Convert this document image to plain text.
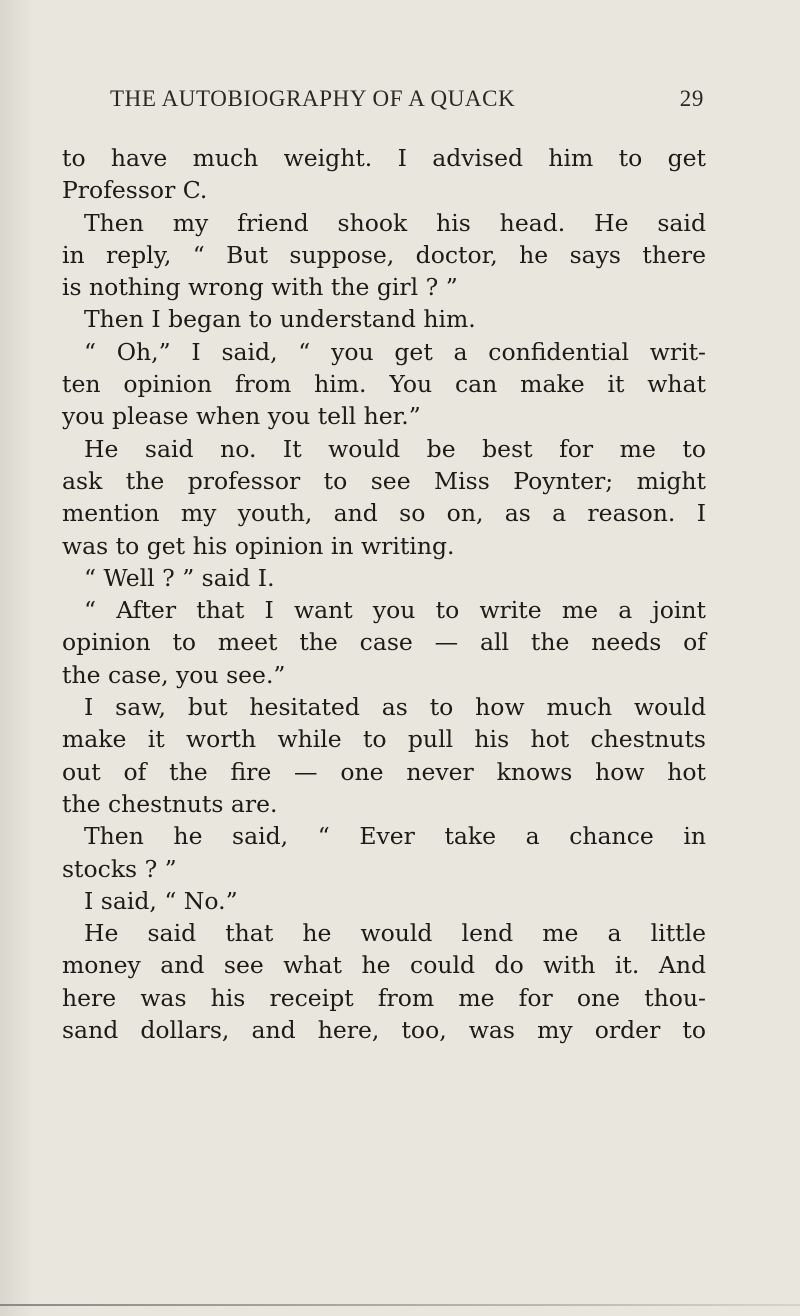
THE AUTOBIOGRAPHY OF A QUACK	29
to have much weight. I advised him to get
Professor C.
Then my friend shook his head. He said
in reply, “ But suppose, doctor, he says there
is nothing wrong with the girl ? ”
Then I began to understand him.
“ Oh,” I said, “ you get a confidential writ-
ten opinion from him. You can make it what
you please when you tell her.”
He said no. It would be best for me to
ask the professor to see Miss Poynter; might
mention my youth, and so on, as a reason. I
was to get his opinion in writing.
“ Well ? ” said I.
“ After that I want you to write me a joint
opinion to meet the case — all the needs of
the case, you see.”
I saw, but hesitated as to how much would
make it worth while to pull his hot chestnuts
out of the fire — one never knows how hot
the chestnuts are.
Then he said, “ Ever take a chance in
stocks ? ”
I said, “ No.”
He said that he would lend me a little
money and see what he could do with it. And
here was his receipt from me for one thou-
sand dollars, and here, too, was my order to
